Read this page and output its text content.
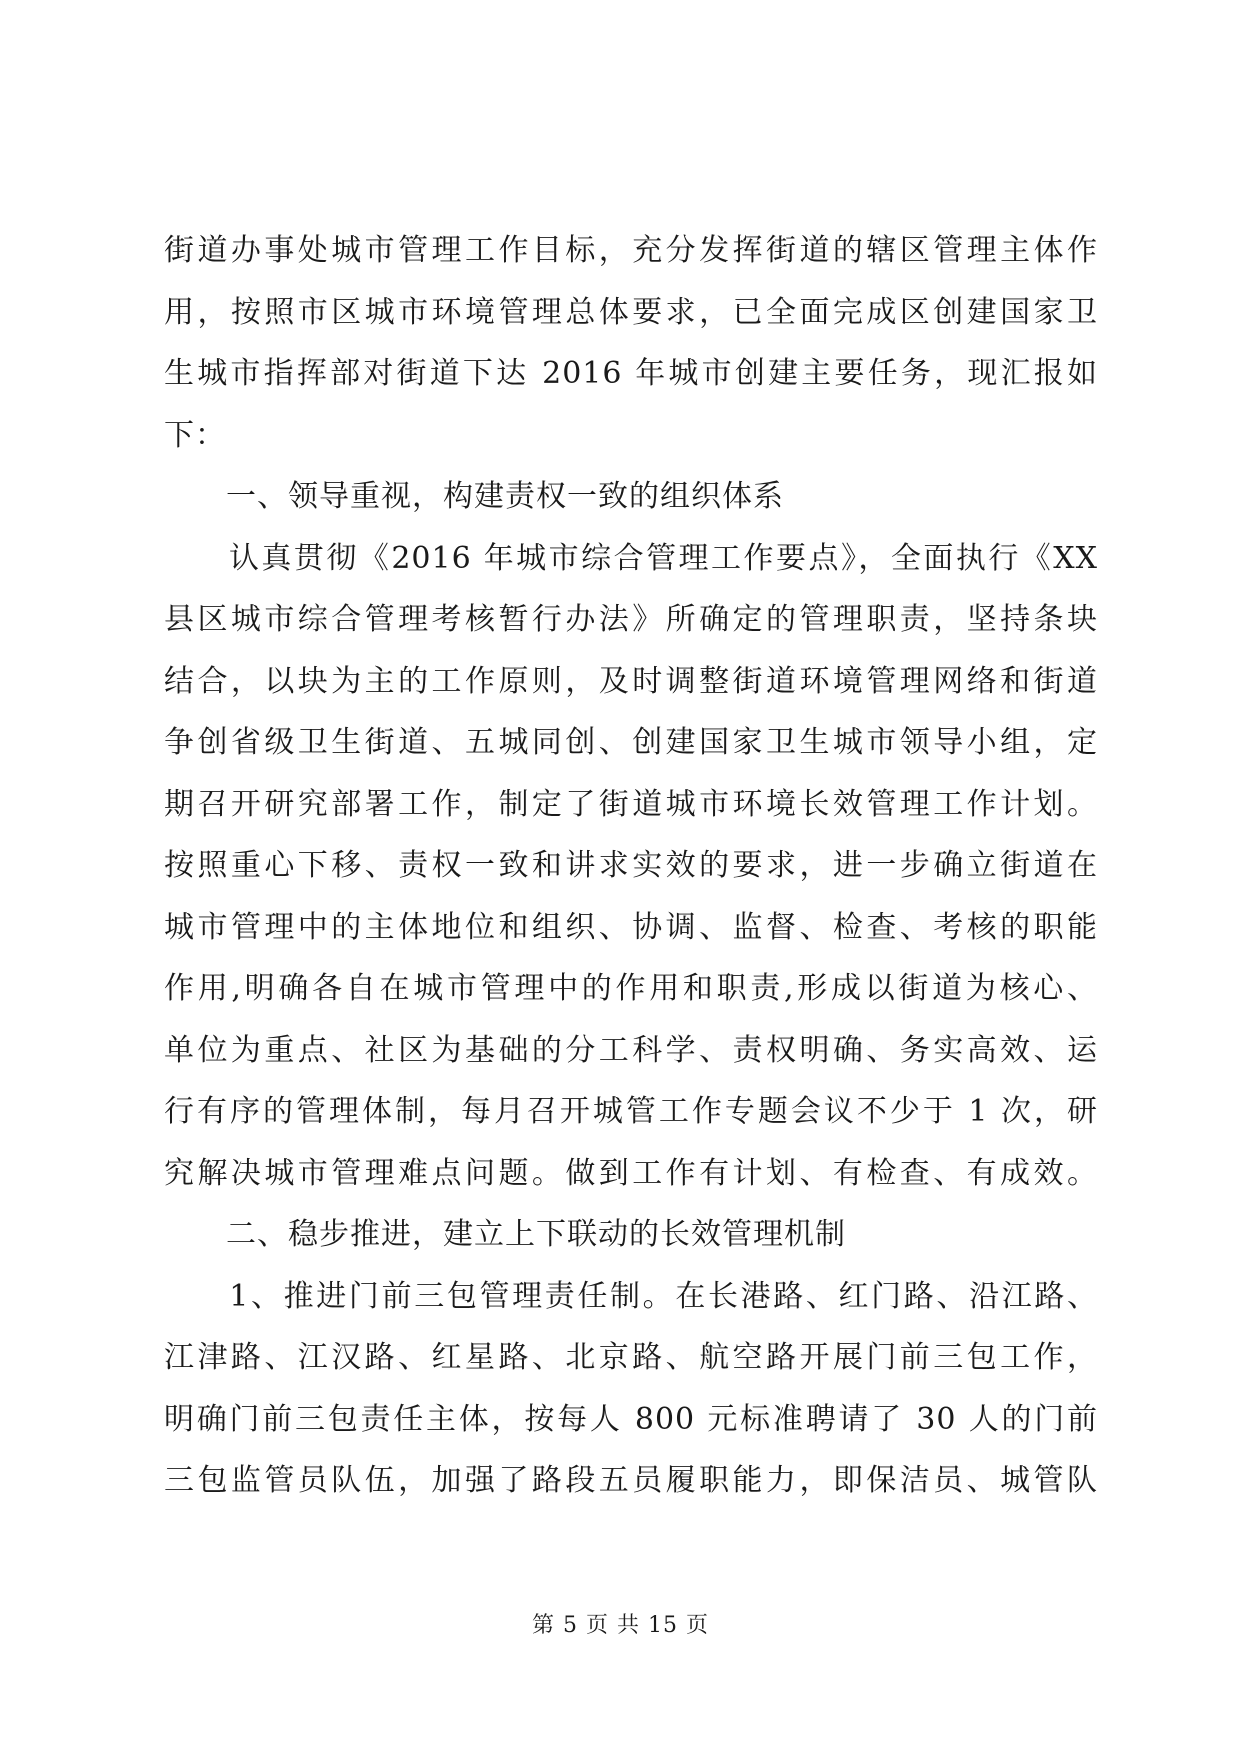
街道办事处城市管理工作目标，充分发挥街道的辖区管理主体作
用，按照市区城市环境管理总体要求，已全面完成区创建国家卫
生城市指挥部对街道下达 2016 年城市创建主要任务，现汇报如
下：
　　一、领导重视，构建责权一致的组织体系
　　认真贯彻《2016 年城市综合管理工作要点》，全面执行《XX
县区城市综合管理考核暂行办法》所确定的管理职责，坚持条块
结合，以块为主的工作原则，及时调整街道环境管理网络和街道
争创省级卫生街道、五城同创、创建国家卫生城市领导小组，定
期召开研究部署工作，制定了街道城市环境长效管理工作计划。
按照重心下移、责权一致和讲求实效的要求，进一步确立街道在
城市管理中的主体地位和组织、协调、监督、检查、考核的职能
作用,明确各自在城市管理中的作用和职责,形成以街道为核心、
单位为重点、社区为基础的分工科学、责权明确、务实高效、运
行有序的管理体制，每月召开城管工作专题会议不少于 1 次，研
究解决城市管理难点问题。做到工作有计划、有检查、有成效。
　　二、稳步推进，建立上下联动的长效管理机制
　　1、推进门前三包管理责任制。在长港路、红门路、沿江路、
江津路、江汉路、红星路、北京路、航空路开展门前三包工作，
明确门前三包责任主体，按每人 800 元标准聘请了 30 人的门前
三包监管员队伍，加强了路段五员履职能力，即保洁员、城管队
第 5 页 共 15 页
